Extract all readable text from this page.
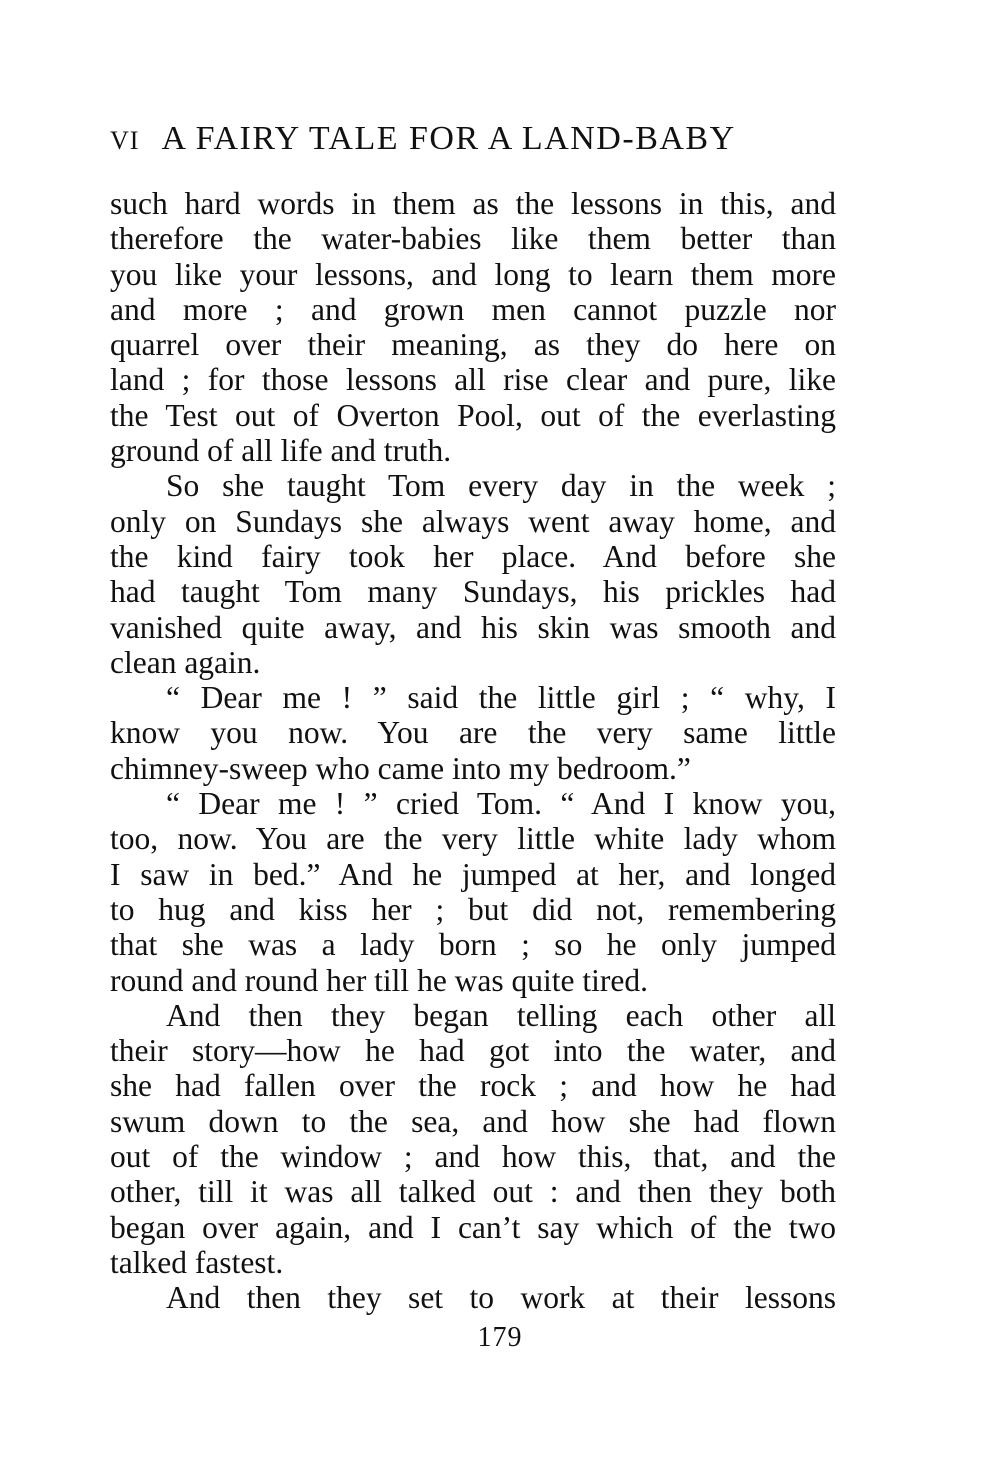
VI A FAIRY TALE FOR A LAND-BABY
such hard words in them as the lessons in this, and
therefore the water-babies like them better than
you like your lessons, and long to learn them more
and more ; and grown men cannot puzzle nor
quarrel over their meaning, as they do here on
land ; for those lessons all rise clear and pure, like
the Test out of Overton Pool, out of the everlasting
ground of all life and truth.
So she taught Tom every day in the week ;
only on Sundays she always went away home, and
the kind fairy took her place. And before she
had taught Tom many Sundays, his prickles had
vanished quite away, and his skin was smooth and
clean again.
“ Dear me ! ” said the little girl ; “ why, I
know you now. You are the very same little
chimney-sweep who came into my bedroom.”
“ Dear me ! ” cried Tom. “ And I know you,
too, now. You are the very little white lady whom
I saw in bed.” And he jumped at her, and longed
to hug and kiss her ; but did not, remembering
that she was a lady born ; so he only jumped
round and round her till he was quite tired.
And then they began telling each other all
their story—how he had got into the water, and
she had fallen over the rock ; and how he had
swum down to the sea, and how she had flown
out of the window ; and how this, that, and the
other, till it was all talked out : and then they both
began over again, and I can’t say which of the two
talked fastest.
And then they set to work at their lessons
179
